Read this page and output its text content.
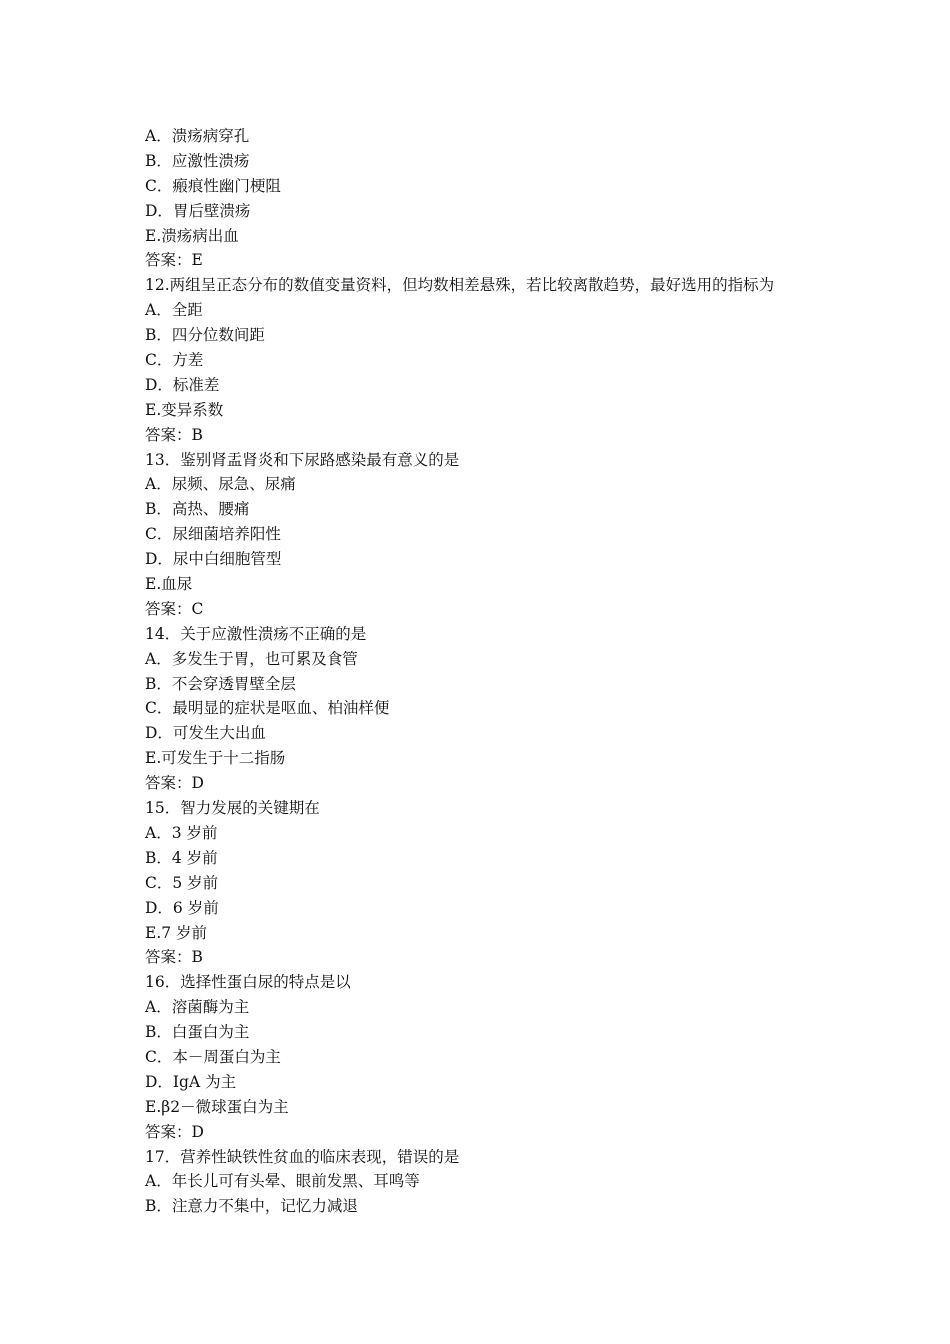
A．溃疡病穿孔
B．应激性溃疡
C．瘢痕性幽门梗阻
D．胃后壁溃疡
E.溃疡病出血
答案：E
12.两组呈正态分布的数值变量资料，但均数相差悬殊，若比较离散趋势，最好选用的指标为
A．全距
B．四分位数间距
C．方差
D．标准差
E.变异系数
答案：B
13．鉴别肾盂肾炎和下尿路感染最有意义的是
A．尿频、尿急、尿痛
B．高热、腰痛
C．尿细菌培养阳性
D．尿中白细胞管型
E.血尿
答案：C
14．关于应激性溃疡不正确的是
A．多发生于胃，也可累及食管
B．不会穿透胃壁全层
C．最明显的症状是呕血、柏油样便
D．可发生大出血
E.可发生于十二指肠
答案：D
15．智力发展的关键期在
A．3 岁前
B．4 岁前
C．5 岁前
D．6 岁前
E.7 岁前
答案：B
16．选择性蛋白尿的特点是以
A．溶菌酶为主
B．白蛋白为主
C．本－周蛋白为主
D．IgA 为主
E.β2－微球蛋白为主
答案：D
17．营养性缺铁性贫血的临床表现，错误的是
A．年长儿可有头晕、眼前发黑、耳鸣等
B．注意力不集中，记忆力减退
